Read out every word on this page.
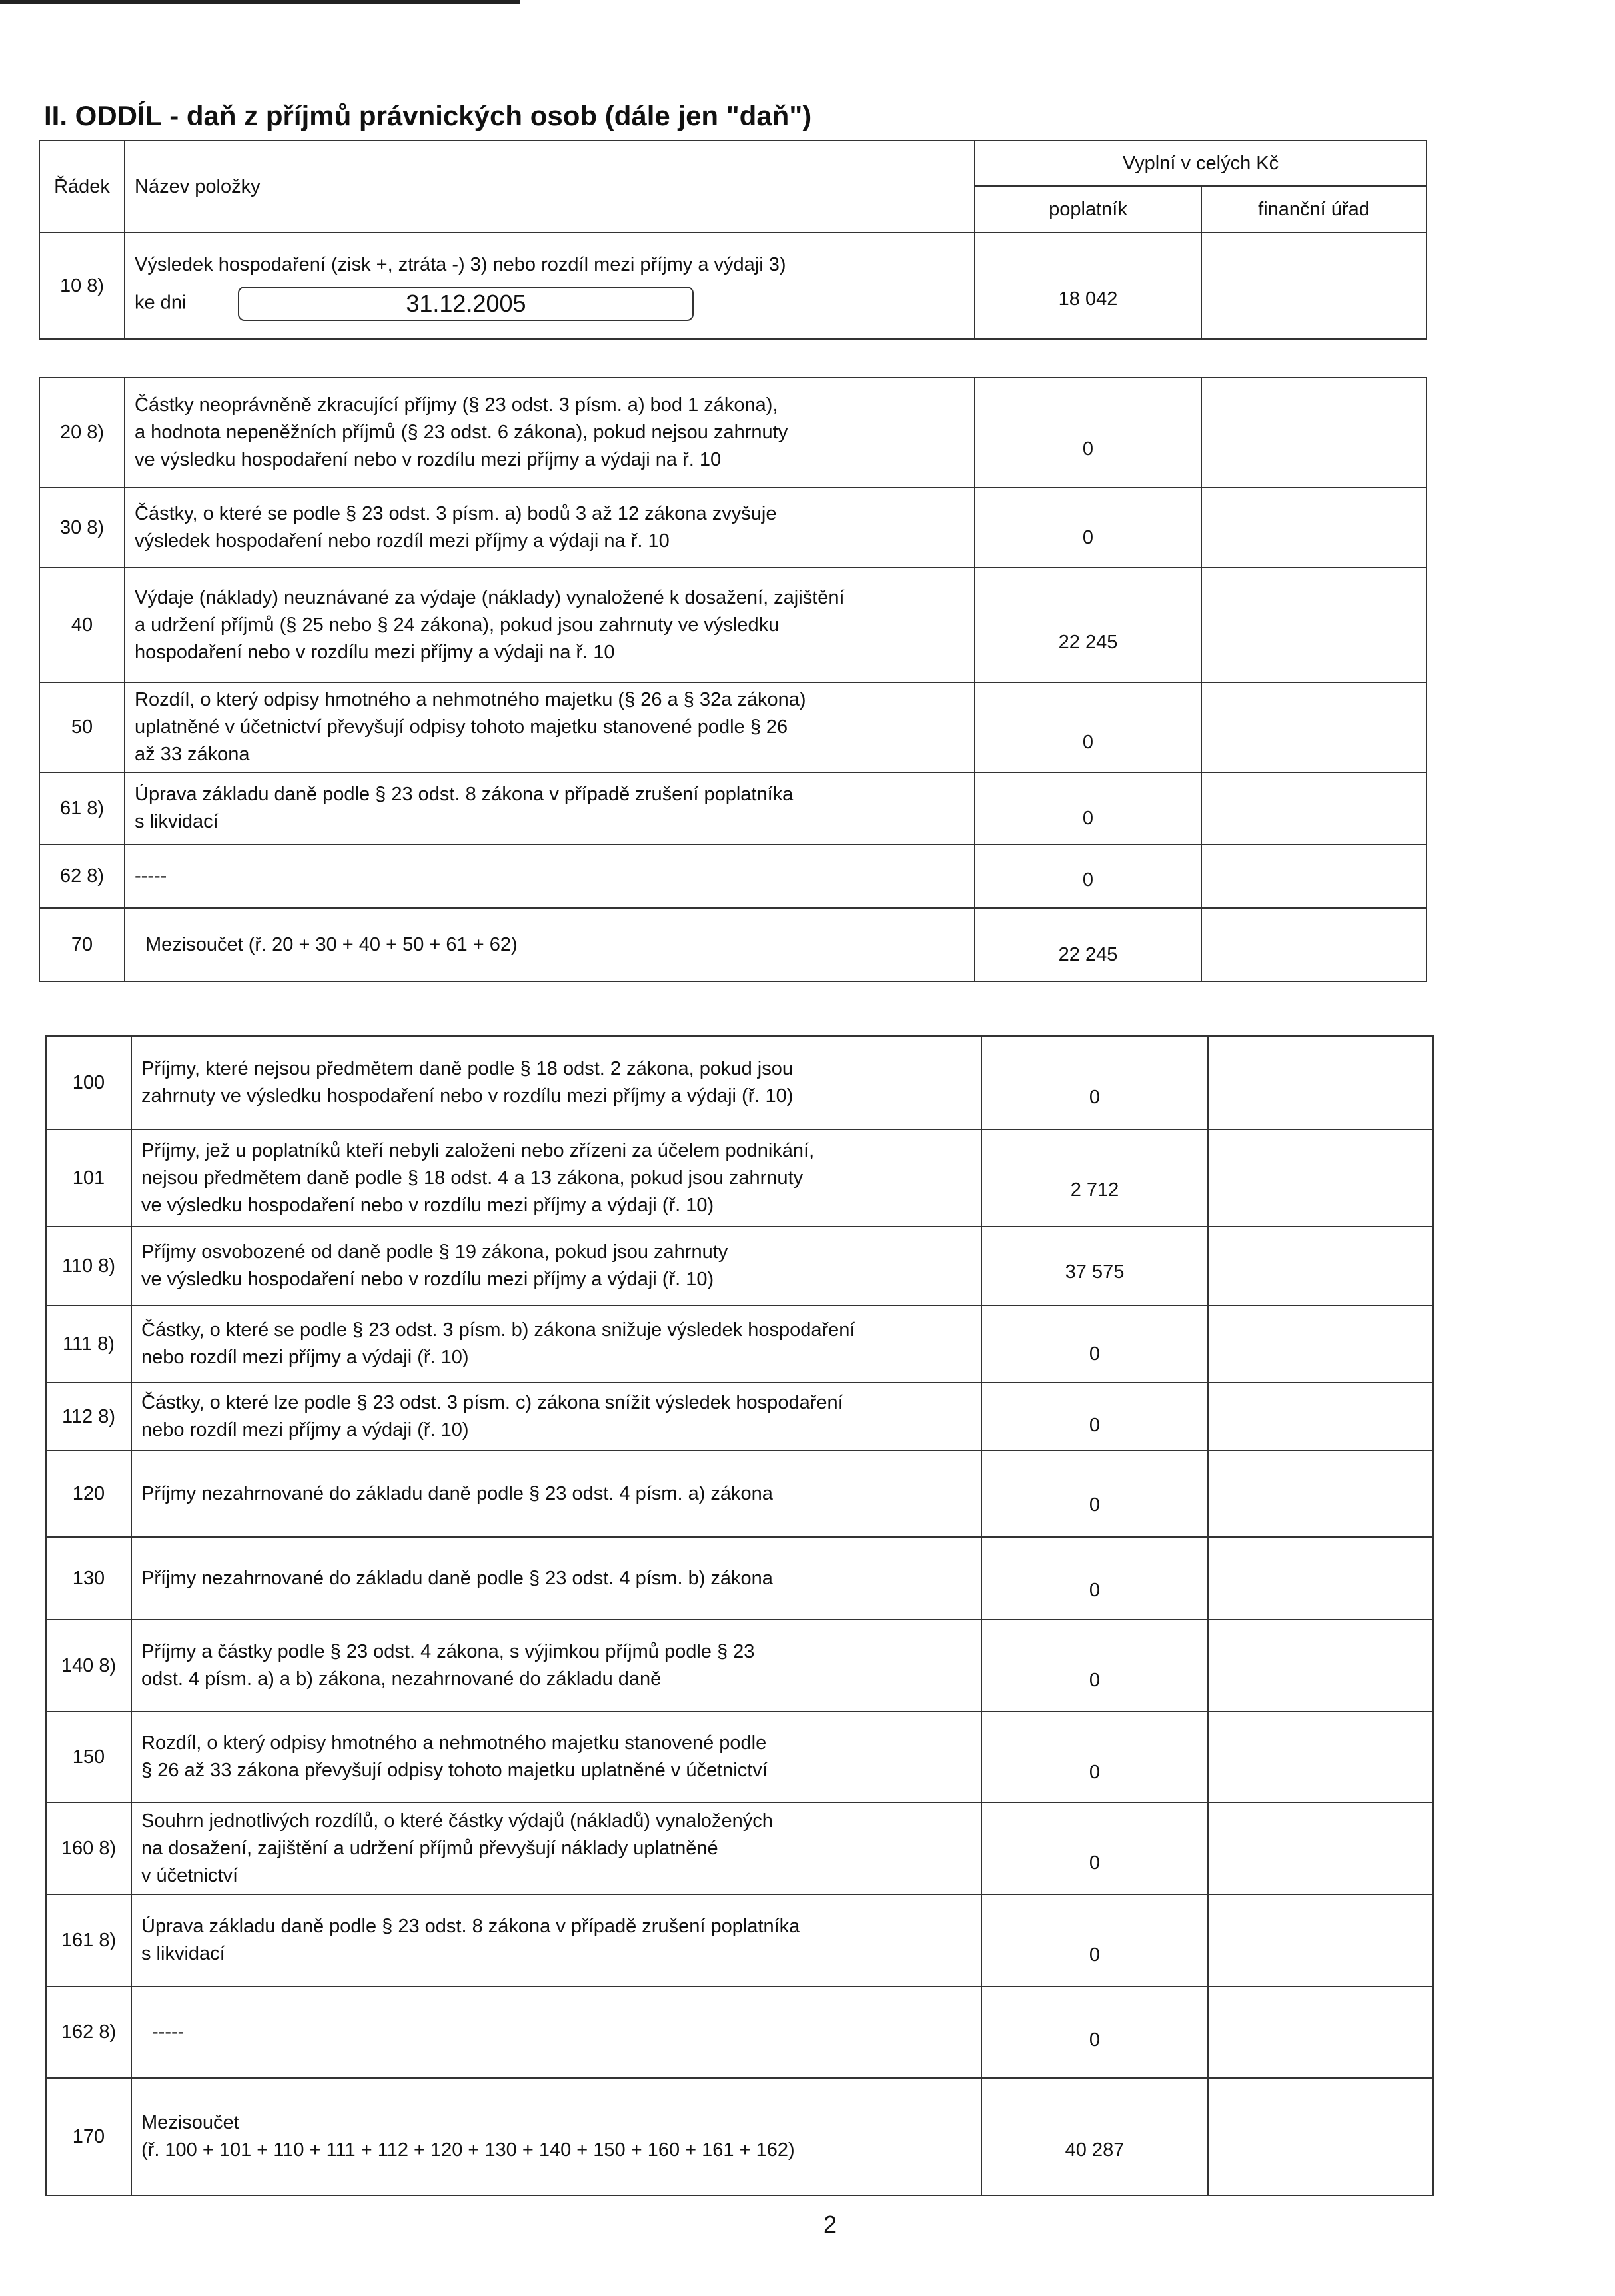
II. ODDÍL - daň z příjmů právnických osob (dále jen "daň")
Řádek	Název položky	Vyplní v celých Kč	
		poplatník	finanční úřad
10 8)	Výsledek hospodaření (zisk +, ztráta -) 3) nebo rozdíl mezi příjmy a výdaji 3)
ke dni 31.12.2005	18 042	
20 8)	Částky neoprávněně zkracující příjmy (§ 23 odst. 3 písm. a) bod 1 zákona),
a hodnota nepeněžních příjmů (§ 23 odst. 6 zákona), pokud nejsou zahrnuty
ve výsledku hospodaření nebo v rozdílu mezi příjmy a výdaji na ř. 10	0	
30 8)	Částky, o které se podle § 23 odst. 3 písm. a) bodů 3 až 12 zákona zvyšuje
výsledek hospodaření nebo rozdíl mezi příjmy a výdaji na ř. 10	0	
40	Výdaje (náklady) neuznávané za výdaje (náklady) vynaložené k dosažení, zajištění
a udržení příjmů (§ 25 nebo § 24 zákona), pokud jsou zahrnuty ve výsledku
hospodaření nebo v rozdílu mezi příjmy a výdaji na ř. 10	22 245	
50	Rozdíl, o který odpisy hmotného a nehmotného majetku (§ 26 a § 32a zákona)
uplatněné v účetnictví převyšují odpisy tohoto majetku stanovené podle § 26
až 33 zákona	0	
61 8)	Úprava základu daně podle § 23 odst. 8 zákona v případě zrušení poplatníka
s likvidací	0	
62 8)	-----	0	
70	Mezisoučet (ř. 20 + 30 + 40 + 50 + 61 + 62)	22 245	
100	Příjmy, které nejsou předmětem daně podle § 18 odst. 2 zákona, pokud jsou
zahrnuty ve výsledku hospodaření nebo v rozdílu mezi příjmy a výdaji (ř. 10)	0	
101	Příjmy, jež u poplatníků kteří nebyli založeni nebo zřízeni za účelem podnikání,
nejsou předmětem daně podle § 18 odst. 4 a 13 zákona, pokud jsou zahrnuty
ve výsledku hospodaření nebo v rozdílu mezi příjmy a výdaji (ř. 10)	2 712	
110 8)	Příjmy osvobozené od daně podle § 19 zákona, pokud jsou zahrnuty
ve výsledku hospodaření nebo v rozdílu mezi příjmy a výdaji (ř. 10)	37 575	
111 8)	Částky, o které se podle § 23 odst. 3 písm. b) zákona snižuje výsledek hospodaření
nebo rozdíl mezi příjmy a výdaji (ř. 10)	0	
112 8)	Částky, o které lze podle § 23 odst. 3 písm. c) zákona snížit výsledek hospodaření
nebo rozdíl mezi příjmy a výdaji (ř. 10)	0	
120	Příjmy nezahrnované do základu daně podle § 23 odst. 4 písm. a) zákona	0	
130	Příjmy nezahrnované do základu daně podle § 23 odst. 4 písm. b) zákona	0	
140 8)	Příjmy a částky podle § 23 odst. 4 zákona, s výjimkou příjmů podle § 23
odst. 4 písm. a) a b) zákona, nezahrnované do základu daně	0	
150	Rozdíl, o který odpisy hmotného a nehmotného majetku stanovené podle
§ 26 až 33 zákona převyšují odpisy tohoto majetku uplatněné v účetnictví	0	
160 8)	Souhrn jednotlivých rozdílů, o které částky výdajů (nákladů) vynaložených
na dosažení, zajištění a udržení příjmů převyšují náklady uplatněné
v účetnictví	0	
161 8)	Úprava základu daně podle § 23 odst. 8 zákona v případě zrušení poplatníka
s likvidací	0	
162 8)	-----	0	
170	Mezisoučet
(ř. 100 + 101 + 110 + 111 + 112 + 120 + 130 + 140 + 150 + 160 + 161 + 162)	40 287	
2
